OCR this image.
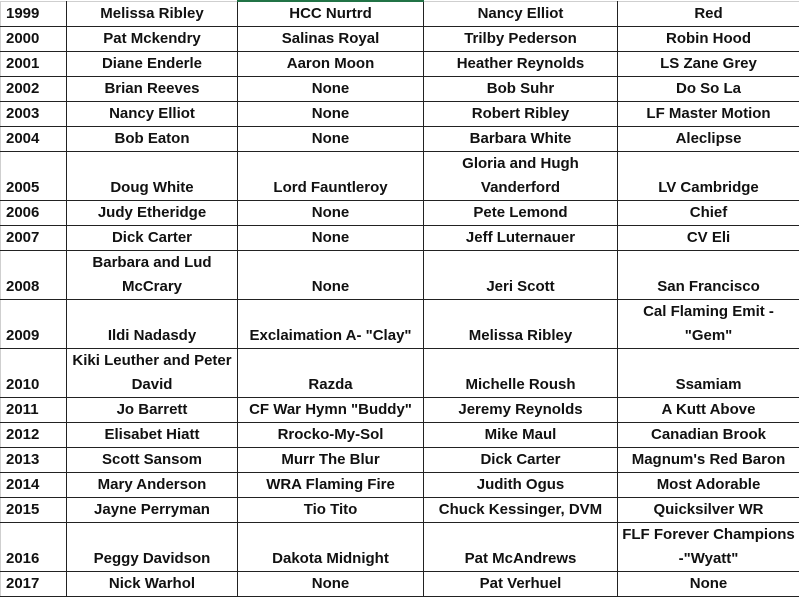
1999	Melissa Ribley	HCC Nurtrd	Nancy Elliot	Red
2000	Pat Mckendry	Salinas Royal	Trilby Pederson	Robin Hood
2001	Diane Enderle	Aaron Moon	Heather Reynolds	LS Zane Grey
2002	Brian Reeves	None	Bob Suhr	Do So La
2003	Nancy Elliot	None	Robert Ribley	LF Master Motion
2004	Bob Eaton	None	Barbara White	Aleclipse
2005	Doug White	Lord Fauntleroy	Gloria and Hugh Vanderford	LV Cambridge
2006	Judy Etheridge	None	Pete Lemond	Chief
2007	Dick Carter	None	Jeff Luternauer	CV Eli
2008	Barbara and Lud McCrary	None	Jeri Scott	San Francisco
2009	Ildi Nadasdy	Exclaimation A- "Clay"	Melissa Ribley	Cal Flaming Emit - "Gem"
2010	Kiki Leuther and Peter David	Razda	Michelle Roush	Ssamiam
2011	Jo Barrett	CF War Hymn "Buddy"	Jeremy Reynolds	A Kutt Above
2012	Elisabet Hiatt	Rrocko-My-Sol	Mike Maul	Canadian Brook
2013	Scott Sansom	Murr The Blur	Dick Carter	Magnum's Red Baron
2014	Mary Anderson	WRA Flaming Fire	Judith Ogus	Most Adorable
2015	Jayne Perryman	Tio Tito	Chuck Kessinger, DVM	Quicksilver WR
2016	Peggy Davidson	Dakota Midnight	Pat McAndrews	FLF Forever Champions -"Wyatt"
2017	Nick Warhol	None	Pat Verhuel	None
